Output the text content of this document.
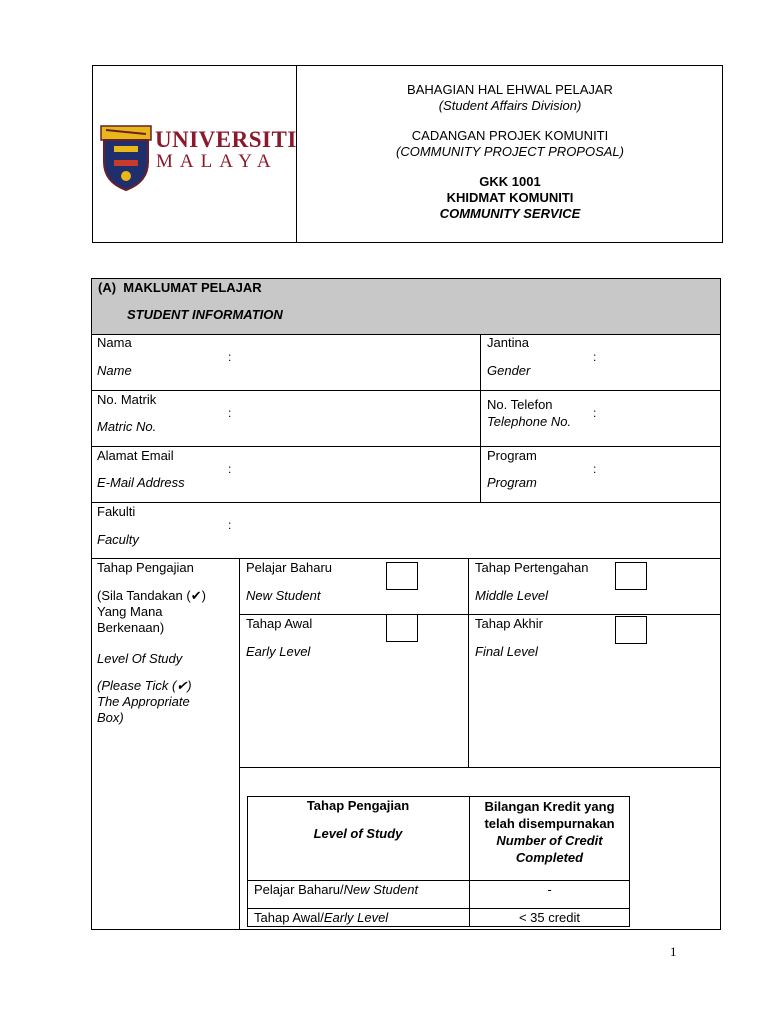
UNIVERSITI
MALAYA
BAHAGIAN HAL EHWAL PELAJAR
(Student Affairs Division)
CADANGAN PROJEK KOMUNITI
(COMMUNITY PROJECT PROPOSAL)
GKK 1001
KHIDMAT KOMUNITI
COMMUNITY SERVICE
(A)  MAKLUMAT PELAJAR
STUDENT INFORMATION
Nama
Name
:
Jantina
Gender
:
No. Matrik
Matric No.
:
No. Telefon
Telephone No.
:
Alamat Email
E-Mail Address
:
Program
Program
:
Fakulti
Faculty
:
Tahap Pengajian
(Sila Tandakan (✔) Yang Mana Berkenaan)
Level Of Study
(Please Tick (✔) The Appropriate Box)
Pelajar Baharu
New Student
Tahap Pertengahan
Middle Level
Tahap Awal
Early Level
Tahap Akhir
Final Level
Tahap Pengajian
Level of Study
Bilangan Kredit yang telah disempurnakan
Number of Credit Completed
Pelajar Baharu/New Student	-
Tahap Awal/Early Level	< 35 credit
1
